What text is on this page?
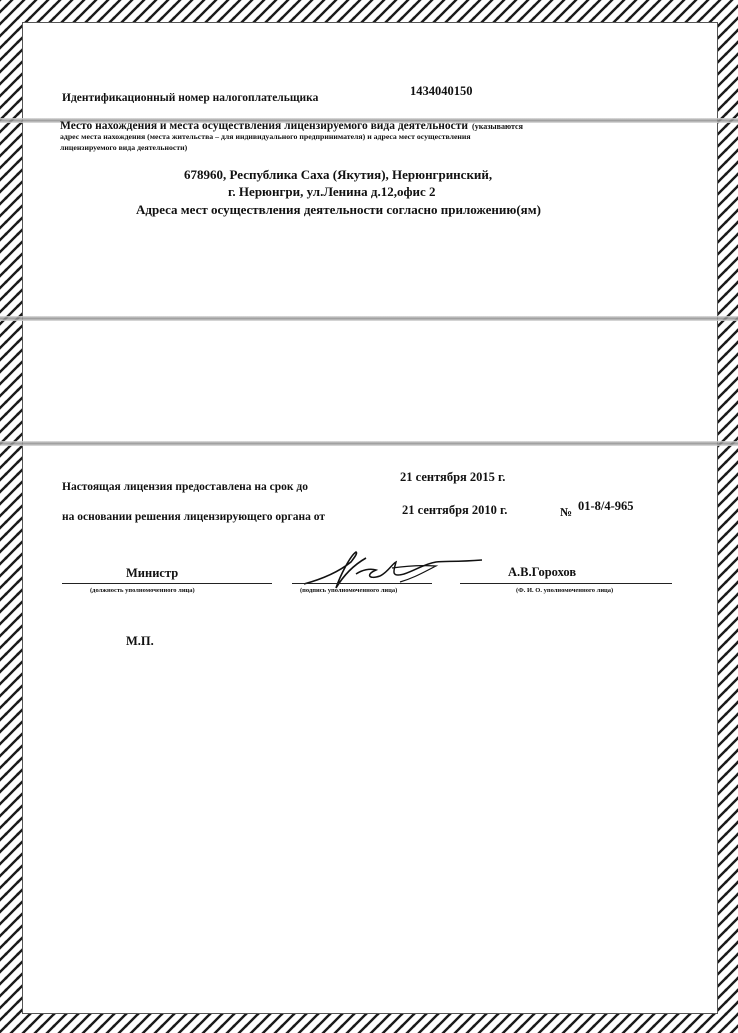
Идентификационный номер налогоплательщика	1434040150
Место нахождения и места осуществления лицензируемого вида деятельности (указываются
адрес места нахождения (места жительства – для индивидуального предпринимателя) и адреса мест осуществления
лицензируемого вида деятельности)
678960, Республика Саха (Якутия), Нерюнгринский,
г. Нерюнгри, ул.Ленина д.12,офис 2
Адреса мест осуществления деятельности согласно приложению(ям)
Настоящая лицензия предоставлена на срок до
21 сентября 2015 г.
на основании решения лицензирующего органа от	21 сентября 2010 г.	№ 01-8/4-965
Министр
(должность уполномоченного лица)	(подпись уполномоченного лица)
А.В.Горохов
(Ф. И. О. уполномоченного лица)
М.П.
